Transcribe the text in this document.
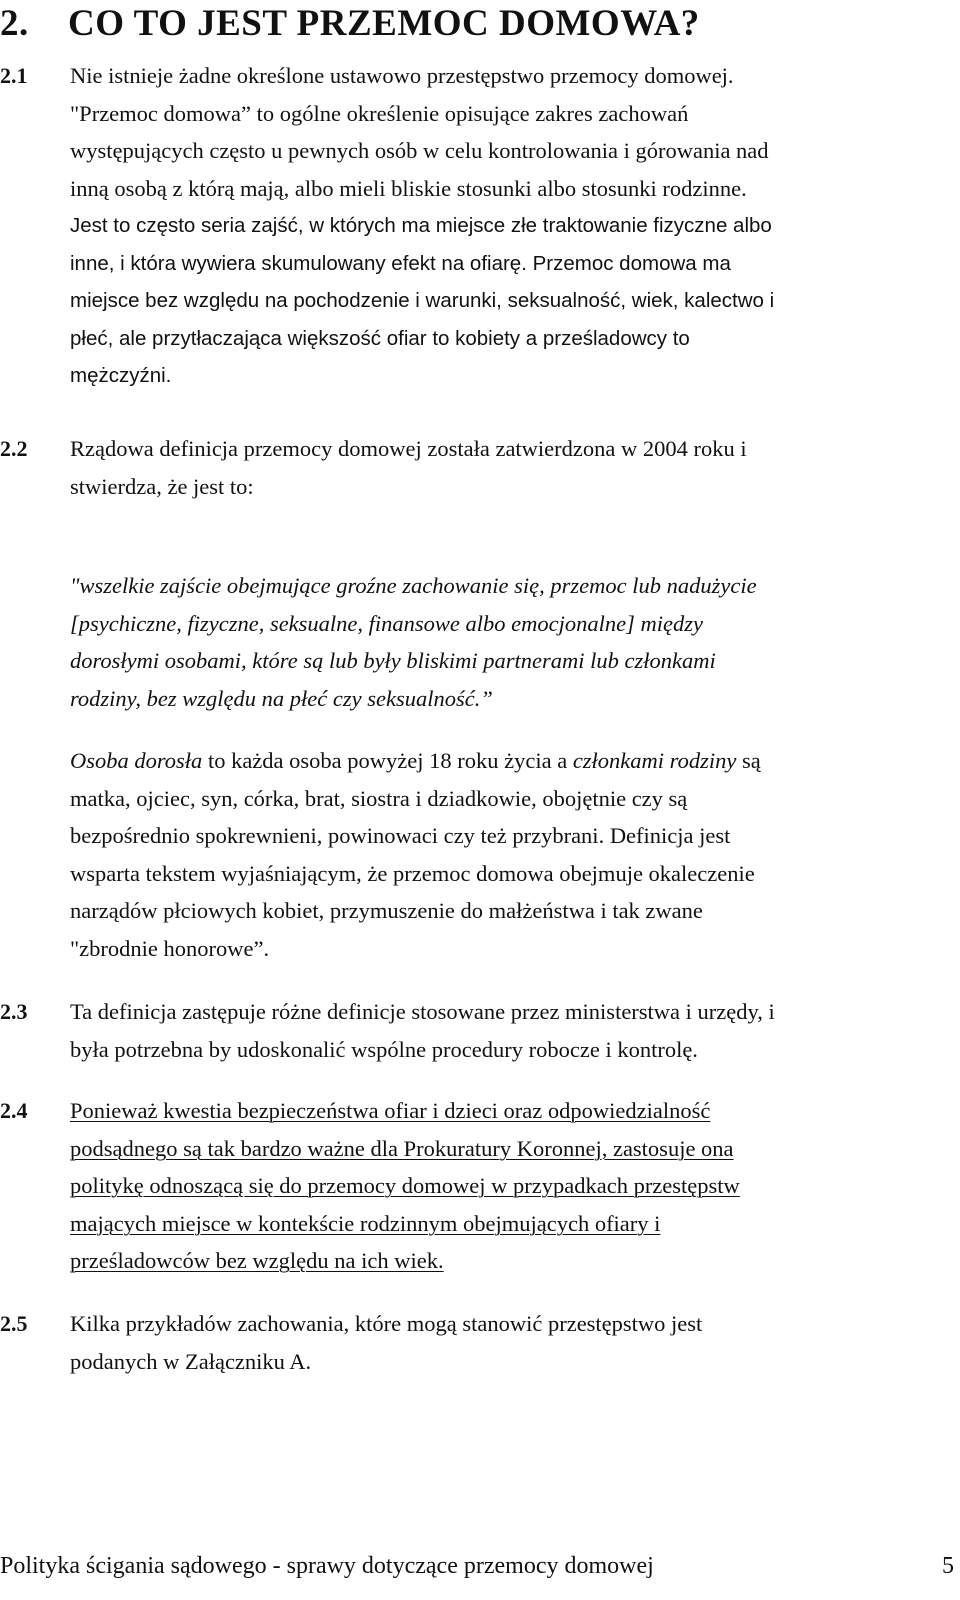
2. CO TO JEST PRZEMOC DOMOWA?
2.1 Nie istnieje żadne określone ustawowo przestępstwo przemocy domowej.
"Przemoc domowa” to ogólne określenie opisujące zakres zachowań
występujących często u pewnych osób w celu kontrolowania i górowania nad
inną osobą z którą mają, albo mieli bliskie stosunki albo stosunki rodzinne.
Jest to często seria zajść, w których ma miejsce złe traktowanie fizyczne albo
inne, i która wywiera skumulowany efekt na ofiarę. Przemoc domowa ma
miejsce bez względu na pochodzenie i warunki, seksualność, wiek, kalectwo i
płeć, ale przytłaczająca większość ofiar to kobiety a prześladowcy to
mężczyźni.
2.2 Rządowa definicja przemocy domowej została zatwierdzona w 2004 roku i
stwierdza, że jest to:
"wszelkie zajście obejmujące groźne zachowanie się, przemoc lub nadużycie
[psychiczne, fizyczne, seksualne, finansowe albo emocjonalne] między
dorosłymi osobami, które są lub były bliskimi partnerami lub członkami
rodziny, bez względu na płeć czy seksualność.”
Osoba dorosła to każda osoba powyżej 18 roku życia a członkami rodziny są
matka, ojciec, syn, córka, brat, siostra i dziadkowie, obojętnie czy są
bezpośrednio spokrewnieni, powinowaci czy też przybrani. Definicja jest
wsparta tekstem wyjaśniającym, że przemoc domowa obejmuje okaleczenie
narządów płciowych kobiet, przymuszenie do małżeństwa i tak zwane
"zbrodnie honorowe”.
2.3 Ta definicja zastępuje różne definicje stosowane przez ministerstwa i urzędy, i
była potrzebna by udoskonalić wspólne procedury robocze i kontrolę.
2.4 Ponieważ kwestia bezpieczeństwa ofiar i dzieci oraz odpowiedzialność
podsądnego są tak bardzo ważne dla Prokuratury Koronnej, zastosuje ona
politykę odnoszącą się do przemocy domowej w przypadkach przestępstw
mających miejsce w kontekście rodzinnym obejmujących ofiary i
prześladowców bez względu na ich wiek.
2.5 Kilka przykładów zachowania, które mogą stanowić przestępstwo jest
podanych w Załączniku A.
Polityka ścigania sądowego - sprawy dotyczące przemocy domowej	5
